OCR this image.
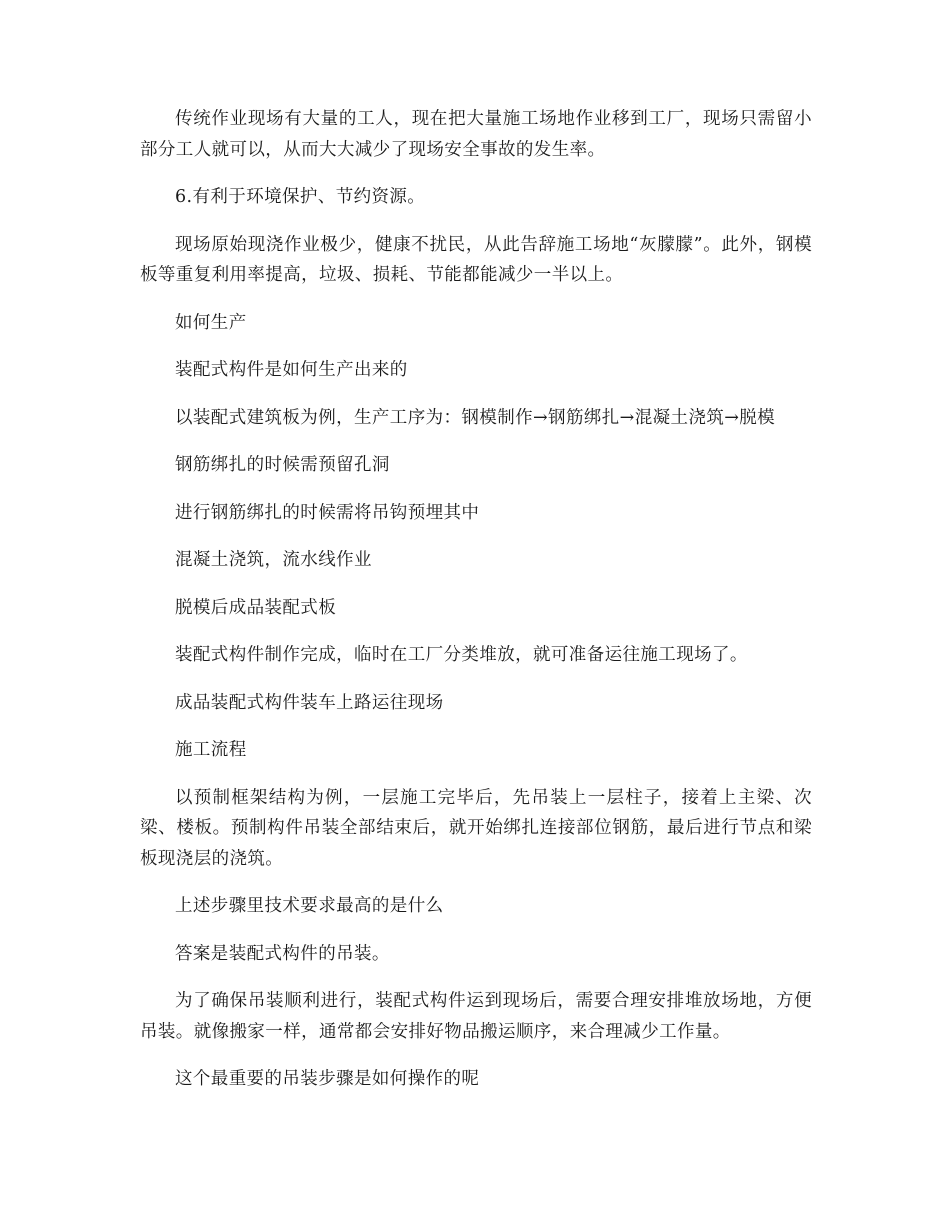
传统作业现场有大量的工人，现在把大量施工场地作业移到工厂，现场只需留小部分工人就可以，从而大大减少了现场安全事故的发生率。

6.有利于环境保护、节约资源。

现场原始现浇作业极少，健康不扰民，从此告辞施工场地“灰朦朦”。此外，钢模板等重复利用率提高，垃圾、损耗、节能都能减少一半以上。

如何生产

装配式构件是如何生产出来的

以装配式建筑板为例，生产工序为：钢模制作→钢筋绑扎→混凝土浇筑→脱模

钢筋绑扎的时候需预留孔洞

进行钢筋绑扎的时候需将吊钩预埋其中

混凝土浇筑，流水线作业

脱模后成品装配式板

装配式构件制作完成，临时在工厂分类堆放，就可准备运往施工现场了。

成品装配式构件装车上路运往现场

施工流程

以预制框架结构为例，一层施工完毕后，先吊装上一层柱子，接着上主梁、次梁、楼板。预制构件吊装全部结束后，就开始绑扎连接部位钢筋，最后进行节点和梁板现浇层的浇筑。

上述步骤里技术要求最高的是什么

答案是装配式构件的吊装。

为了确保吊装顺利进行，装配式构件运到现场后，需要合理安排堆放场地，方便吊装。就像搬家一样，通常都会安排好物品搬运顺序，来合理减少工作量。

这个最重要的吊装步骤是如何操作的呢
